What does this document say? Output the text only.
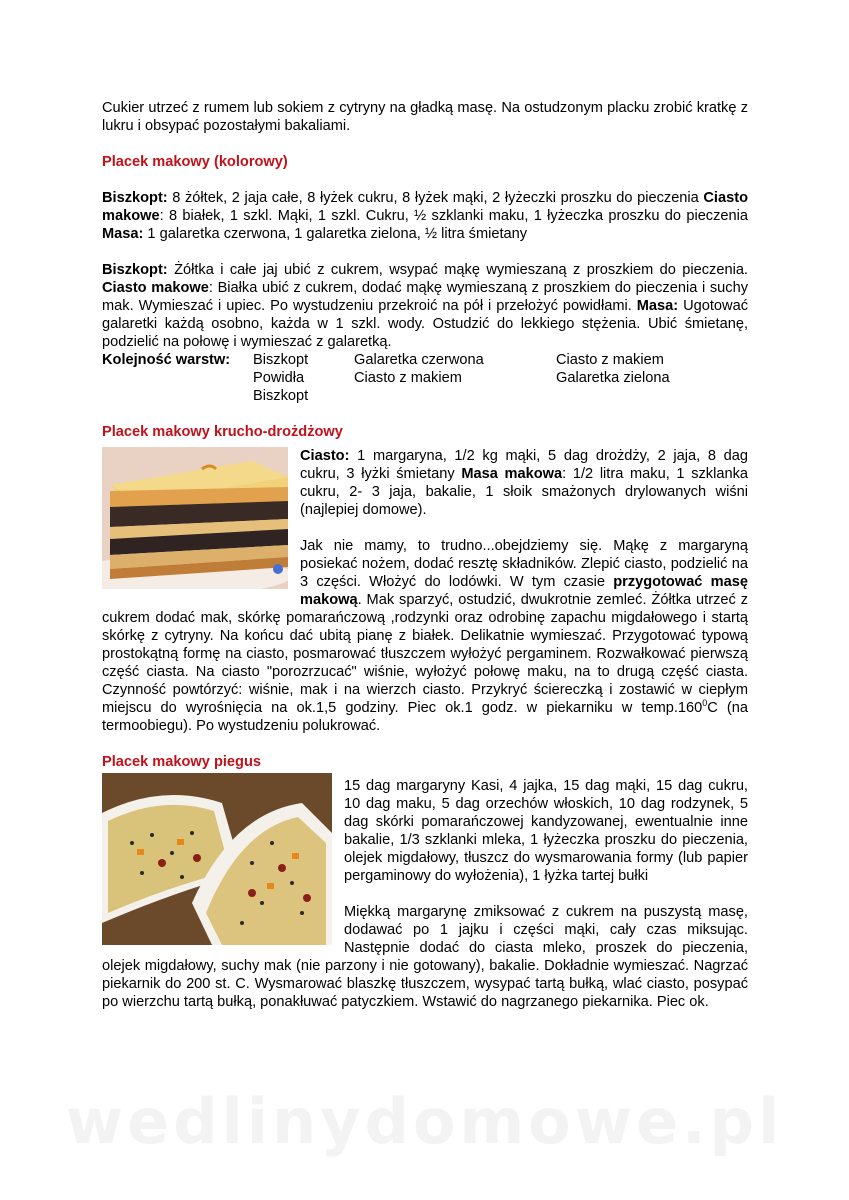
Cukier utrzeć z rumem lub sokiem z cytryny na gładką masę. Na ostudzonym placku zrobić kratkę z lukru i obsypać pozostałymi bakaliami.

Placek makowy (kolorowy)

Biszkopt: 8 żółtek, 2 jaja całe, 8 łyżek cukru, 8 łyżek mąki, 2 łyżeczki proszku do pieczenia Ciasto makowe: 8 białek, 1 szkl. Mąki, 1 szkl. Cukru, ½ szklanki maku, 1 łyżeczka proszku do pieczenia Masa: 1 galaretka czerwona, 1 galaretka zielona, ½ litra śmietany

Biszkopt: Żółtka i całe jaj ubić z cukrem, wsypać mąkę wymieszaną z proszkiem do pieczenia. Ciasto makowe: Białka ubić z cukrem, dodać mąkę wymieszaną z proszkiem do pieczenia i suchy mak. Wymieszać i upiec. Po wystudzeniu przekroić na pół i przełożyć powidłami. Masa: Ugotować galaretki każdą osobno, każda w 1 szkl. wody. Ostudzić do lekkiego stężenia. Ubić śmietanę, podzielić na połowę i wymieszać z galaretką.

Kolejność warstw:	Biszkopt
Powidła
Biszkopt
Galaretka czerwona
Ciasto z makiem
Ciasto z makiem
Galaretka zielona
Placek makowy krucho-drożdżowy

Ciasto: 1 margaryna, 1/2 kg mąki, 5 dag drożdży, 2 jaja, 8 dag cukru, 3 łyżki śmietany Masa makowa: 1/2 litra maku, 1 szklanka cukru, 2- 3 jaja, bakalie, 1 słoik smażonych drylowanych wiśni (najlepiej domowe).

Jak nie mamy, to trudno...obejdziemy się. Mąkę z margaryną posiekać nożem, dodać resztę składników. Zlepić ciasto, podzielić na 3 części. Włożyć do lodówki. W tym czasie przygotować masę makową. Mak sparzyć, ostudzić, dwukrotnie zemleć. Żółtka utrzeć z cukrem dodać mak, skórkę pomarańczową ,rodzynki oraz odrobinę zapachu migdałowego i startą skórkę z cytryny. Na końcu dać ubitą pianę z białek. Delikatnie wymieszać. Przygotować typową prostokątną formę na ciasto, posmarować tłuszczem wyłożyć pergaminem. Rozwałkować pierwszą część ciasta. Na ciasto "porozrzucać" wiśnie, wyłożyć połowę maku, na to drugą część ciasta. Czynność powtórzyć: wiśnie, mak i na wierzch ciasto. Przykryć ściereczką i zostawić w ciepłym miejscu do wyrośnięcia na ok.1,5 godziny. Piec ok.1 godz. w piekarniku w temp.160$^0$C (na termoobiegu). Po wystudzeniu polukrować.

Placek makowy piegus

15 dag margaryny Kasi, 4 jajka, 15 dag mąki, 15 dag cukru, 10 dag maku, 5 dag orzechów włoskich, 10 dag rodzynek, 5 dag skórki pomarańczowej kandyzowanej, ewentualnie inne bakalie, 1/3 szklanki mleka, 1 łyżeczka proszku do pieczenia, olejek migdałowy, tłuszcz do wysmarowania formy (lub papier pergaminowy do wyłożenia), 1 łyżka tartej bułki

Miękką margarynę zmiksować z cukrem na puszystą masę, dodawać po 1 jajku i części mąki, cały czas miksując. Następnie dodać do ciasta mleko, proszek do pieczenia, olejek migdałowy, suchy mak (nie parzony i nie gotowany), bakalie. Dokładnie wymieszać. Nagrzać piekarnik do 200 st. C. Wysmarować blaszkę tłuszczem, wysypać tartą bułką, wlać ciasto, posypać po wierzchu tartą bułką, ponakłuwać patyczkiem. Wstawić do nagrzanego piekarnika. Piec ok.

wedlinydomowe.pl
